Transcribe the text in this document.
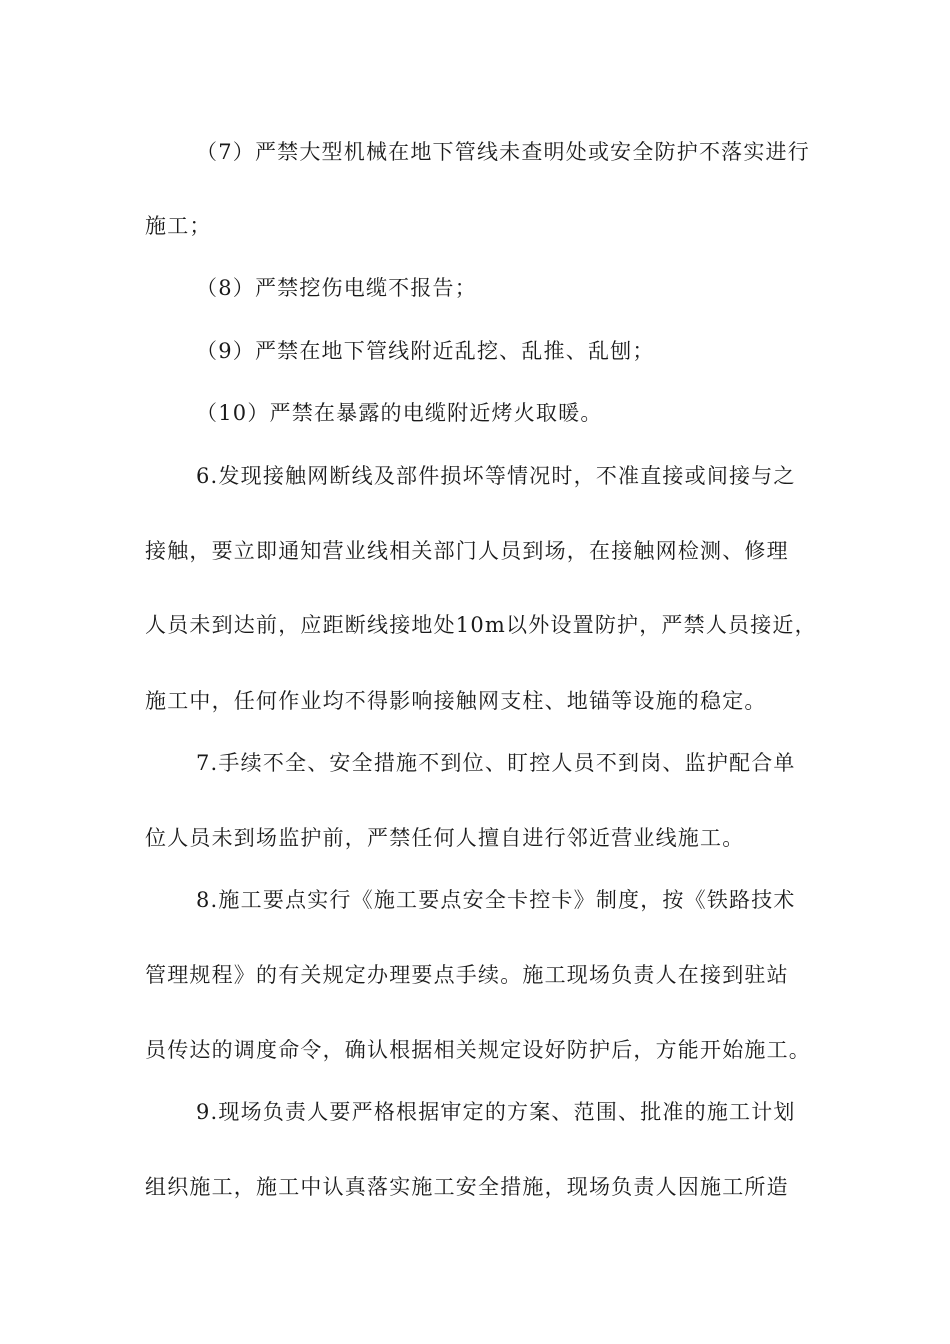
（7）严禁大型机械在地下管线未查明处或安全防护不落实进行
施工；
（8）严禁挖伤电缆不报告；
（9）严禁在地下管线附近乱挖、乱推、乱刨；
（10）严禁在暴露的电缆附近烤火取暖。
6.发现接触网断线及部件损坏等情况时，不准直接或间接与之
接触，要立即通知营业线相关部门人员到场，在接触网检测、修理
人员未到达前，应距断线接地处10m以外设置防护，严禁人员接近，
施工中，任何作业均不得影响接触网支柱、地锚等设施的稳定。
7.手续不全、安全措施不到位、盯控人员不到岗、监护配合单
位人员未到场监护前，严禁任何人擅自进行邻近营业线施工。
8.施工要点实行《施工要点安全卡控卡》制度，按《铁路技术
管理规程》的有关规定办理要点手续。施工现场负责人在接到驻站
员传达的调度命令，确认根据相关规定设好防护后，方能开始施工。
9.现场负责人要严格根据审定的方案、范围、批准的施工计划
组织施工，施工中认真落实施工安全措施，现场负责人因施工所造
